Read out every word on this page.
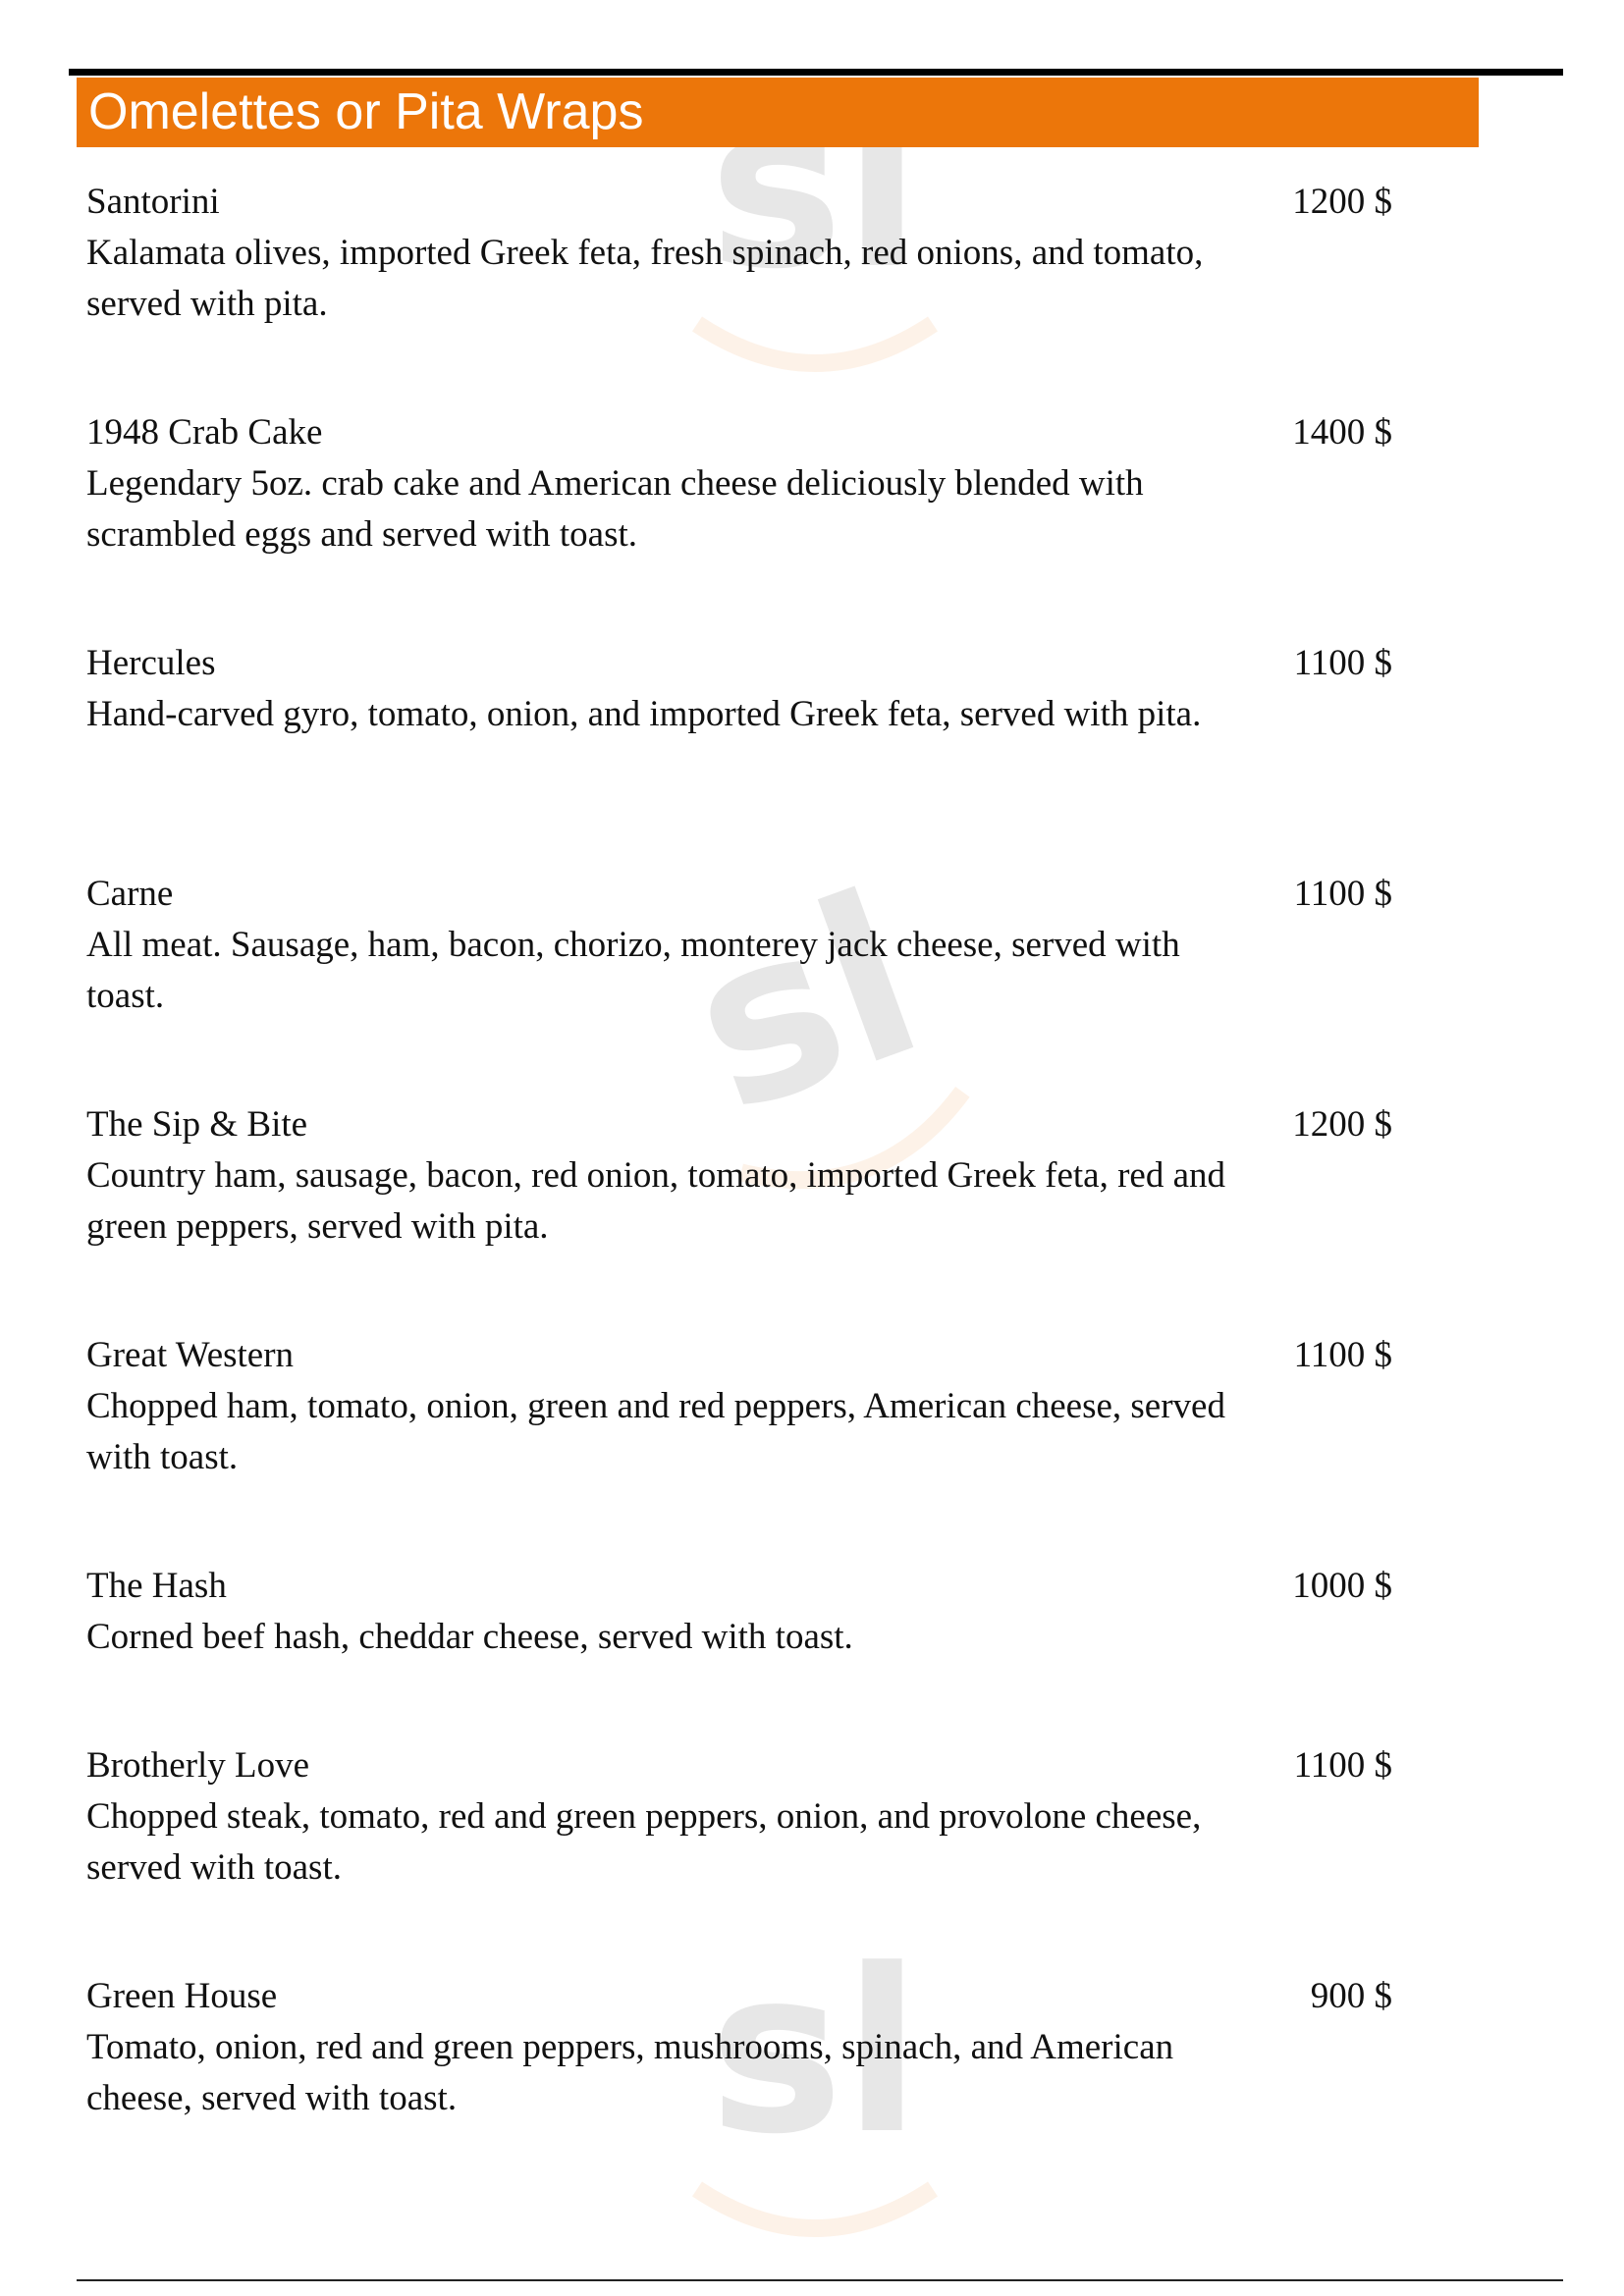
sl
sl
sl
Omelettes or Pita Wraps
Santorini
Kalamata olives, imported Greek feta, fresh spinach, red onions, and tomato, served with pita.
1200 $
1948 Crab Cake
Legendary 5oz. crab cake and American cheese deliciously blended with scrambled eggs and served with toast.
1400 $
Hercules
Hand-carved gyro, tomato, onion, and imported Greek feta, served with pita.
1100 $
Carne
All meat. Sausage, ham, bacon, chorizo, monterey jack cheese, served with toast.
1100 $
The Sip & Bite
Country ham, sausage, bacon, red onion, tomato, imported Greek feta, red and green peppers, served with pita.
1200 $
Great Western
Chopped ham, tomato, onion, green and red peppers, American cheese, served with toast.
1100 $
The Hash
Corned beef hash, cheddar cheese, served with toast.
1000 $
Brotherly Love
Chopped steak, tomato, red and green peppers, onion, and provolone cheese, served with toast.
1100 $
Green House
Tomato, onion, red and green peppers, mushrooms, spinach, and American cheese, served with toast.
900 $
